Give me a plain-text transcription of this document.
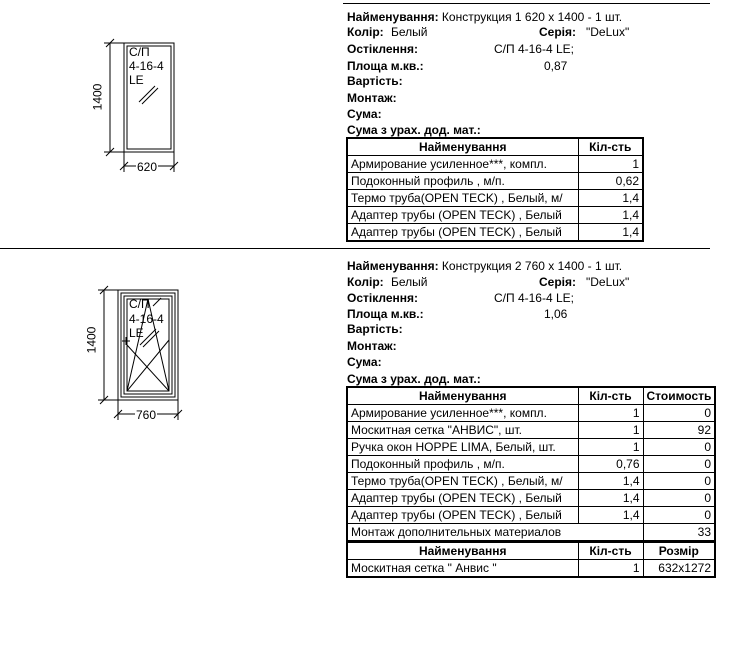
С/П
4-16-4
LE
1400
620
Найменування: Конструкция 1 620 x 1400 - 1 шт.
Колір: Белый	Серія: "DeLux"
Остіклення:	С/П 4-16-4 LE;
Площа м.кв.:	0,87
Вартість:
Монтаж:
Сума:
Сума з урах. дод. мат.:
Найменування	Кіл-сть
Армирование усиленное***, компл.	1
Подоконный профиль , м/п.	0,62
Термо труба(OPEN TECK) , Белый, м/	1,4
Адаптер трубы (OPEN TECK) , Белый	1,4
Адаптер трубы (OPEN TECK) , Белый	1,4
С/П
4-16-4
LE
1400
760
Найменування: Конструкция 2 760 x 1400 - 1 шт.
Колір: Белый	Серія: "DeLux"
Остіклення:	С/П 4-16-4 LE;
Площа м.кв.:	1,06
Вартість:
Монтаж:
Сума:
Сума з урах. дод. мат.:
Найменування	Кіл-сть	Стоимость
Армирование усиленное***, компл.	1	0
Москитная сетка "АНВИС", шт.	1	92
Ручка окон HOPPE LIMA, Белый, шт.	1	0
Подоконный профиль , м/п.	0,76	0
Термо труба(OPEN TECK) , Белый, м/	1,4	0
Адаптер трубы (OPEN TECK) , Белый	1,4	0
Адаптер трубы (OPEN TECK) , Белый	1,4	0
Монтаж дополнительных материалов		33
Найменування	Кіл-сть	Розмір
Москитная сетка " Анвис "	1	632x1272
